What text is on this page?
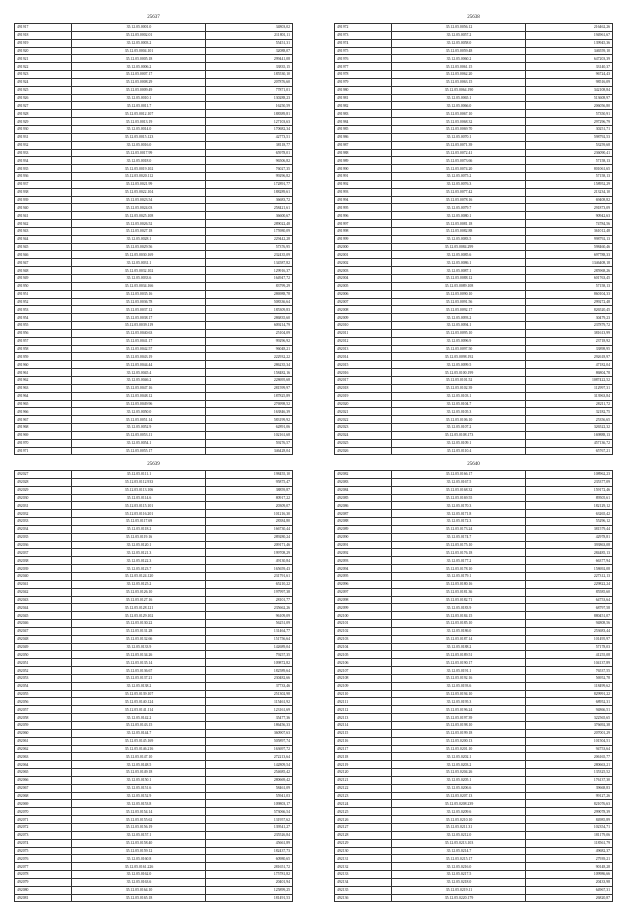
25637
491917	35.12.05.0001.0	34803,02
491918	35.12.05.0002.01	211801,11
491919	35.12.05.0003.2	55451,31
491920	35.12.05.0004.101	32088,07
491921	35.12.05.0005.18	299441,08
491922	35.12.05.0006.2	33835,15
491923	35.12.05.0007.17	185530,10
491924	35.12.05.0008.29	207876,60
491925	35.12.05.0009.49	77871,01
491926	35.12.05.0010.1	130288,23
491927	35.12.05.0011.7	16250,59
491928	35.12.05.0012.107	188389,81
491929	35.12.05.0013.19	127103,63
491930	35.12.05.0014.0	170682,34
491931	35.12.05.0015.123	42773,51
491932	35.12.05.0016.0	38118,77
491933	35.12.05.0017.99	65978,01
491934	35.12.05.0018.0	96506,82
491935	35.12.05.0019.102	76027,35
491936	35.12.05.0020.112	99296,82
491937	35.12.05.0021.99	172891,77
491938	35.12.05.0022.104	188289,61
491939	35.12.05.0023.54	36683,72
491940	35.12.05.0024.03	258421,61
491941	35.12.05.0025.108	36600,67
491942	35.12.05.0026.52	289022,48
491943	35.12.05.0027.18	175980,09
491944	35.12.05.0028.1	229442,28
491945	35.12.05.0029.56	57376,95
491946	35.12.05.0030.169	232435,09
491947	35.12.05.0031.1	134587,82
491948	35.12.05.0032.102	129916,37
491949	35.12.05.0033.6	164947,72
491950	35.12.05.0034.166	83799,29
491951	35.12.05.0035.16	286988,78
491952	35.12.05.0036.78	508336,64
491953	35.12.05.0037.12	185309,83
491954	35.12.05.0038.17	286835,60
491955	35.12.05.0039.119	609214,79
491956	35.12.05.0040.63	25104,09
491957	35.12.05.0041.17	99296,92
491958	35.12.05.0042.57	96048,21
491959	35.12.05.0043.19	222932,22
491960	35.12.05.0044.44	286235,34
491961	35.12.05.0045.4	158482,16
491962	35.12.05.0046.2	228695,68
491963	35.12.05.0047.16	281599,97
491964	35.12.05.0048.12	187825,89
491965	35.12.05.0049.96	276998,52
491966	35.12.05.0050.0	163846,39
491967	35.12.05.0051.14	583199,92
491968	35.12.05.0052.9	62891,06
491969	35.12.05.0053.11	102161,68
491970	35.12.05.0054.1	59276,57
491971	35.12.05.0055.17	346428,04
25638
491972	35.12.05.0056.12	216462,26
491973	35.12.05.0057.2	194961,67
491974	35.12.05.0058.0	139945,36
491975	35.12.05.0059.48	346559,10
491976	35.12.05.0060.2	647203,39
491977	35.12.05.0061.15	33140,37
491978	35.12.05.0062.20	96724,43
491979	35.12.05.0063.15	98516,09
491980	35.12.05.0064.190	342108,84
491981	35.12.05.0065.1	513608,97
491982	35.12.05.0066.0	206056,80
491983	35.12.05.0067.10	57350,91
491984	35.12.05.0068.32	297296,79
491985	35.12.05.0069.70	30251,71
491986	35.12.05.0070.1	598792,53
491987	35.12.05.0071.39	53259,68
491988	35.12.05.0072.41	236090,41
491989	35.12.05.0073.66	57158,13
491990	35.12.05.0074.20	801061,65
491991	35.12.05.0075.2	57158,13
491992	35.12.05.0076.3	158952,29
491993	35.12.05.0077.42	213234,10
491994	35.12.05.0078.16	69408,82
491995	35.12.05.0079.7	291873,09
491996	35.12.05.0080.1	90942,63
491997	35.12.05.0081.18	74784,56
491998	35.12.05.0082.88	361012,48
491999	35.12.05.0083.5	998792,13
492000	35.12.05.0084.299	598460,46
492001	35.12.05.0085.6	697788,33
492002	35.12.05.0086.1	1346408,18
492003	35.12.05.0087.1	285968,26
492004	35.12.05.0088.12	601763,45
492005	35.12.05.0089.108	57158,13
492006	35.12.05.0090.10	860104,33
492007	35.12.05.0091.56	299272,48
492008	35.12.05.0092.17	826520,45
492009	35.12.05.0093.2	30479,23
492010	35.12.05.0094.1	237879,72
492011	35.12.05.0095.10	381613,99
492012	35.12.05.0096.9	23718,92
492013	35.12.05.0097.50	33898,95
492014	35.12.05.0098.192	292618,97
492015	35.12.05.0099.5	47182,04
492016	35.12.05.0100.199	86804,78
492017	35.12.05.0101.52	1087422,52
492018	35.12.05.0102.39	112997,31
492019	35.12.05.0103.1	313963,84
492020	35.12.05.0104.7	28211,72
492021	35.12.05.0105.3	32182,75
492022	35.12.05.0106.10	25356,65
492023	35.12.05.0107.2	326522,32
492024	35.12.05.0108.173	169888,13
492025	35.12.05.0109.1	457136,72
492026	35.12.05.0110.4	65767,21
25639
492027	35.12.05.0111.1	198455,10
492028	35.12.05.0112.933	95875,47
492029	35.12.05.0113.106	38859,87
492030	35.12.05.0114.6	80917,22
492031	35.12.05.0115.101	20309,07
492032	35.12.05.0116.201	101216,30
492033	35.12.05.0117.69	28384,80
492034	35.12.05.0118.2	166730,44
492035	35.12.05.0119.16	289280,24
492036	35.12.05.0120.1	209171,46
492037	35.12.05.0121.3	199708,29
492038	35.12.05.0122.3	49130,84
492039	35.12.05.0123.7	165659,43
492040	35.12.05.0124.120	231791,61
492041	35.12.05.0125.2	65210,22
492042	35.12.05.0126.10	197997,38
492043	35.12.05.0127.16	28101,77
492044	35.12.05.0128.121	235662,26
492045	35.12.05.0129.102	96109,09
492046	35.12.05.0130.22	56251,09
492047	35.12.05.0131.28	131464,77
492048	35.12.05.0132.66	151756,64
492049	35.12.05.0133.9	142689,04
492050	35.12.05.0134.26	79257,35
492051	35.12.05.0135.14	109872,82
492052	35.12.05.0136.67	182589,64
492053	35.12.05.0137.21	230482,66
492054	35.12.05.0138.2	37733,46
492055	35.12.05.0139.107	251302,98
492056	35.12.05.0140.124	115461,92
492057	35.12.05.0141.114	123161,69
492058	35.12.05.0142.2	35477,36
492059	35.12.05.0143.15	186456,33
492060	35.12.05.0144.7	360907,63
492061	35.12.05.0145.169	505897,74
492062	35.12.05.0146.216	163697,72
492063	35.12.05.0147.10	272213,64
492064	35.12.05.0148.5	142809,54
492065	35.12.05.0149.18	254685,42
492066	35.12.05.0150.1	280669,42
492067	35.12.05.0151.6	58461,09
492068	35.12.05.0152.9	55941,03
492069	35.12.05.0153.8	109803,17
492070	35.12.05.0154.14	573066,54
492071	35.12.05.0155.62	131957,62
492072	35.12.05.0156.19	139541,27
492073	35.12.05.0157.1	235526,84
492074	35.12.05.0158.40	45661,89
492075	35.12.05.0159.12	182437,73
492076	35.12.05.0160.8	60980,65
492077	35.12.05.0161.226	281651,72
492078	35.12.05.0162.0	175781,82
492079	35.12.05.0163.6	20401,94
492080	35.12.05.0164.10	125899,25
492081	35.12.05.0165.18	181491,53
25640
492082	35.12.05.0166.17	108962,23
492083	35.12.05.0167.5	235377,09
492084	35.12.05.0168.32	159172,46
492085	35.12.05.0169.55	89505,61
492086	35.12.05.0170.3	182129,12
492087	35.12.05.0171.8	63265,42
492088	35.12.05.0172.3	55296,12
492089	35.12.05.0173.24	381579,44
492090	35.12.05.0174.7	42978,81
492091	35.12.05.0175.10	393863,08
492092	35.12.05.0176.18	284485,13
492093	35.12.05.0177.2	66377,94
492094	35.12.05.0178.10	158692,08
492095	35.12.05.0179.1	227312,13
492096	35.12.05.0180.16	229822,24
492097	35.12.05.0181.36	85585,60
492098	35.12.05.0182.71	64753,64
492099	35.12.05.0183.9	68797,58
492100	35.12.05.0184.15	880451,07
492101	35.12.05.0185.10	94808,56
492102	35.12.05.0186.0	253683,44
492103	35.12.05.0187.14	101495,97
492104	35.12.05.0188.2	57178,03
492105	35.12.05.0189.51	41255,08
492106	35.12.05.0190.17	104137,89
492107	35.12.05.0191.1	76537,55
492108	35.12.05.0192.16	56952,78
492109	35.12.05.0193.6	118499,62
492110	35.12.05.0194.10	829991,22
492111	35.12.05.0195.3	68952,31
492112	35.12.05.0196.24	94866,51
492113	35.12.05.0197.39	322565,65
492114	35.12.05.0198.10	376692,38
492115	35.12.05.0199.18	207001,29
492116	35.12.05.0200.13	101504,51
492117	35.12.05.0201.10	94753,64
492118	35.12.05.0202.1	206165,77
492119	35.12.05.0203.2	280663,21
492120	35.12.05.0204.26	135325,52
492121	35.12.05.0205.1	176137,30
492122	35.12.05.0206.6	39668,83
492123	35.12.05.0207.13	99127,26
492124	35.12.05.0208.239	821076,63
492125	35.12.05.0209.6	299078,39
492126	35.12.05.0210.10	84985,89
492127	35.12.05.0211.31	102354,71
492128	35.12.05.0212.0	181179,06
492129	35.12.05.0213.103	118561,79
492130	35.12.05.0214.7	49682,37
492131	35.12.05.0215.17	27939,21
492132	35.12.05.0216.0	90148,28
492133	35.12.05.0217.5	109986,66
492134	35.12.05.0218.0	20433,98
492135	35.12.05.0219.11	64967,31
492136	35.12.05.0220.179	26820,87
